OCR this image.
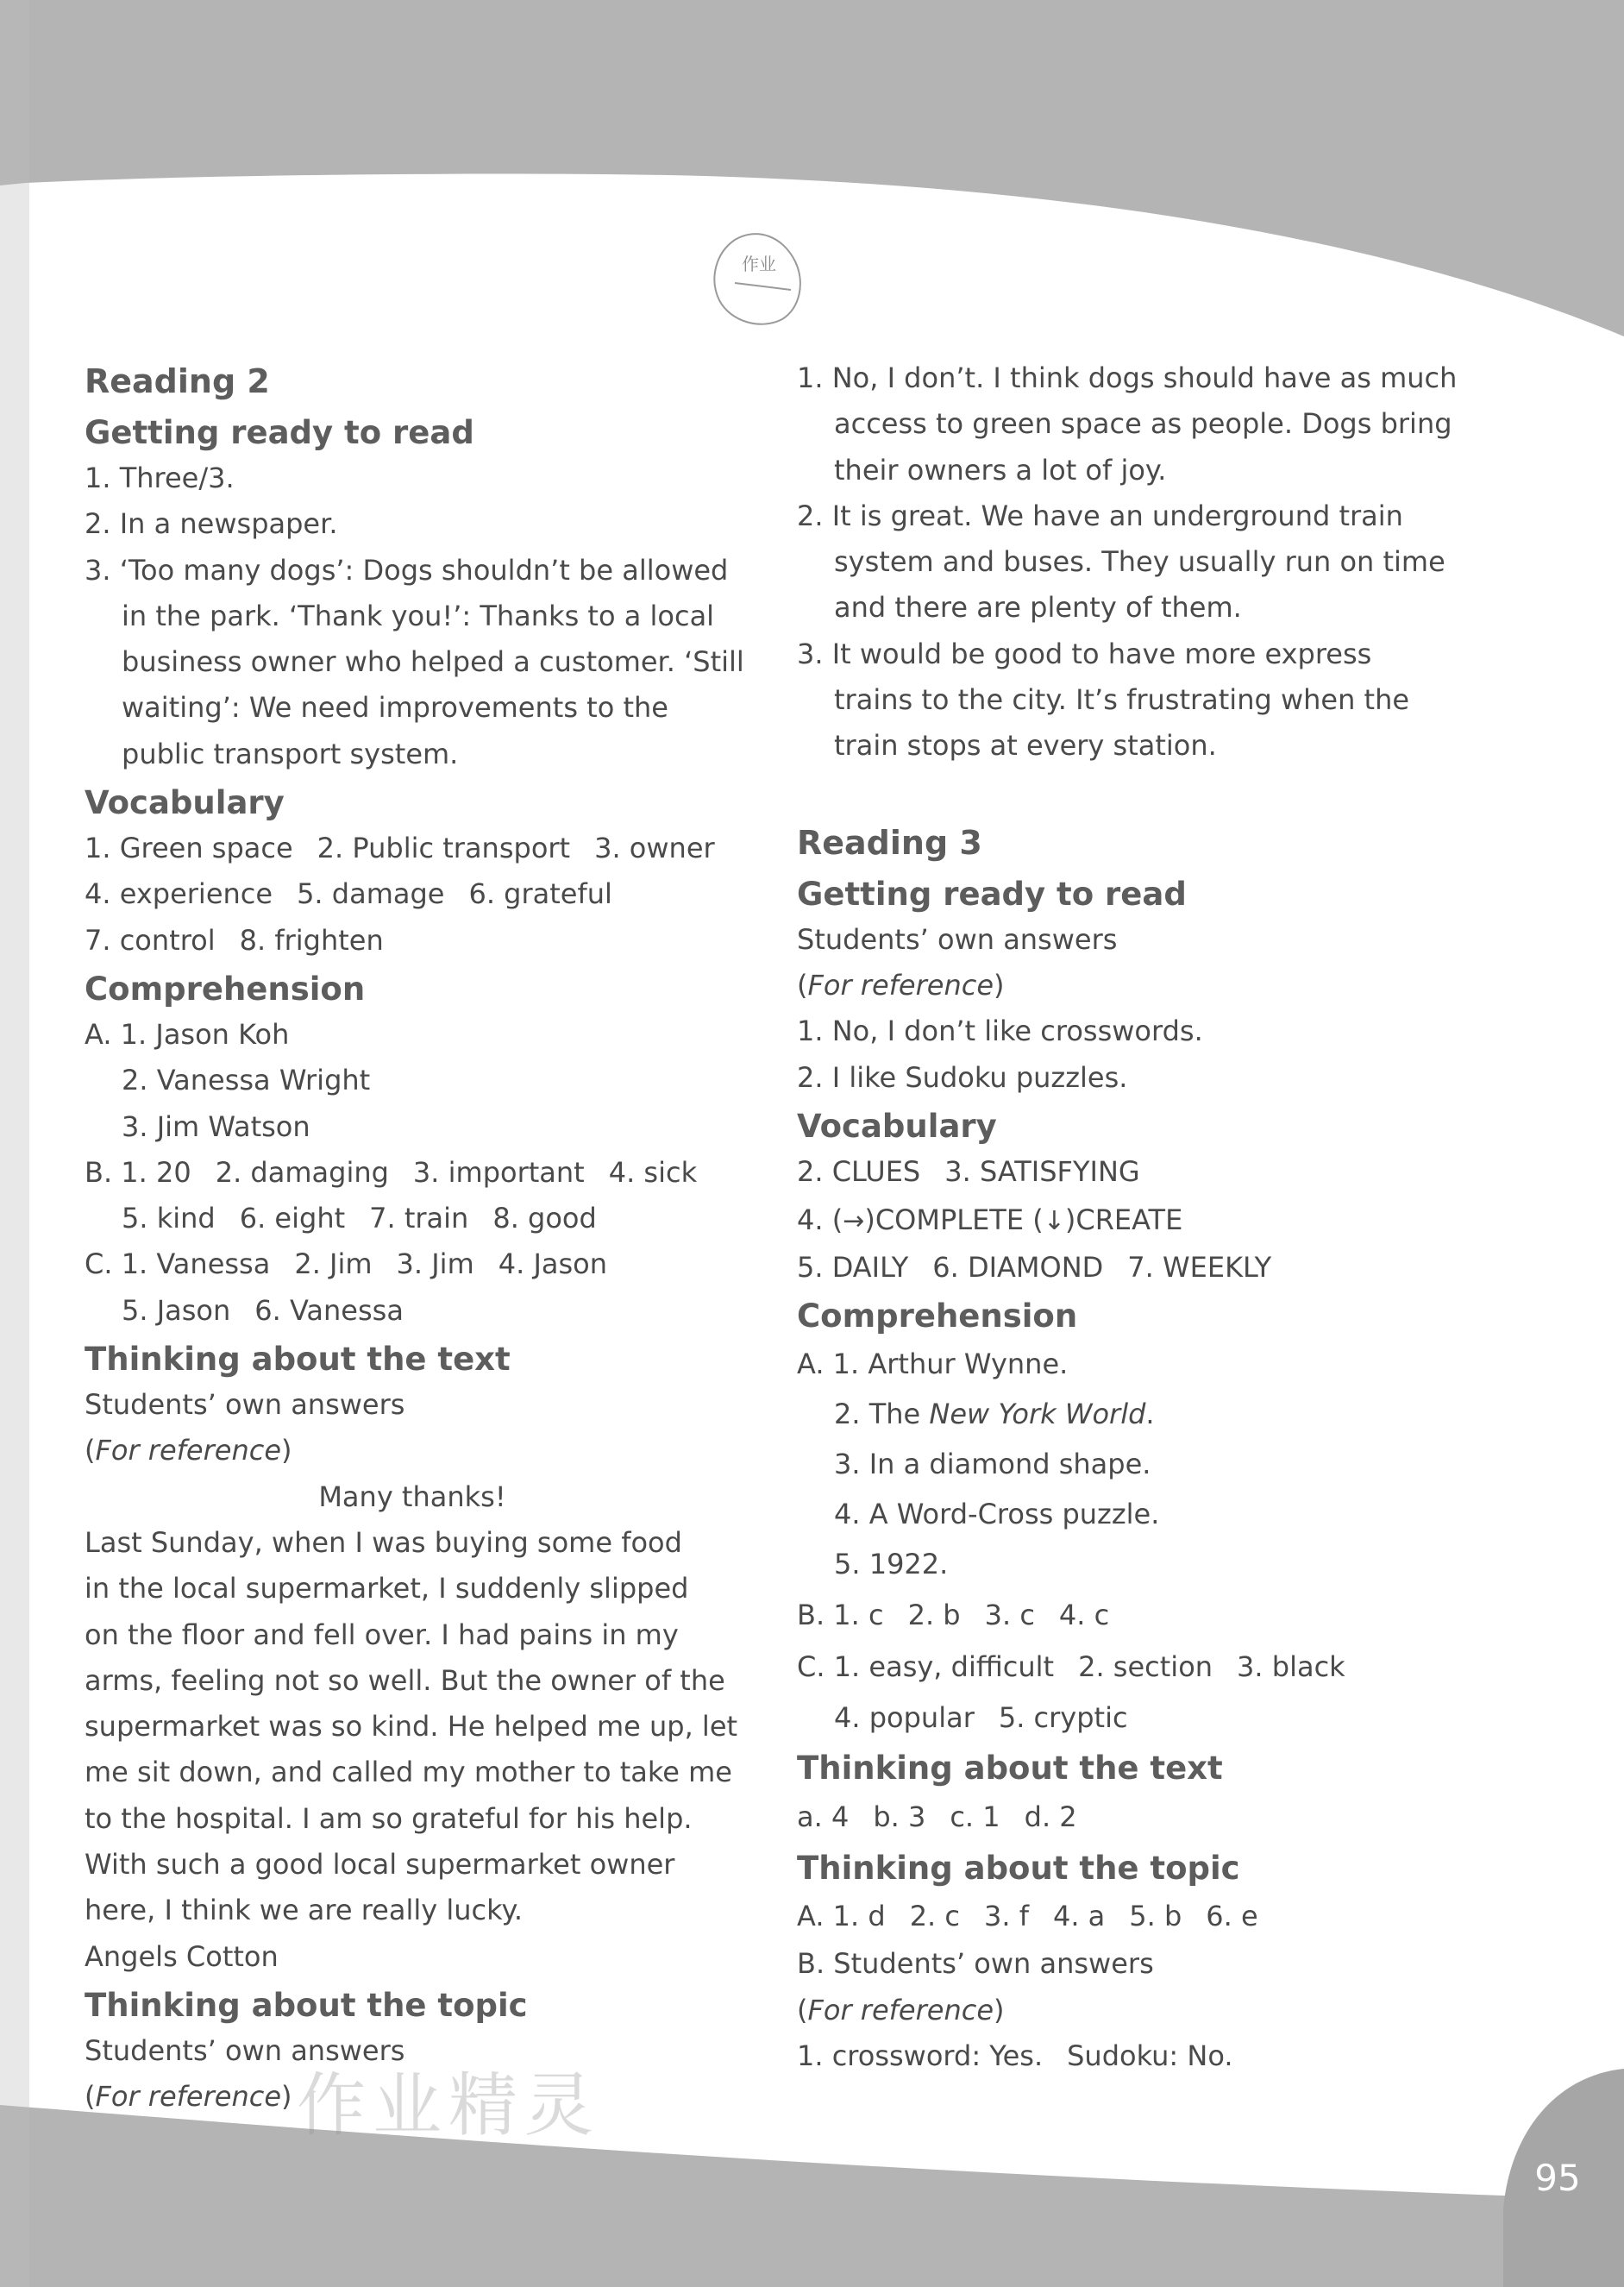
作业
Reading 2
Getting ready to read
1. Three/3.
2. In a newspaper.
3. ‘Too many dogs’: Dogs shouldn’t be allowed
in the park. ‘Thank you!’: Thanks to a local
business owner who helped a customer. ‘Still
waiting’: We need improvements to the
public transport system.
Vocabulary
1. Green space 2. Public transport 3. owner
4. experience 5. damage 6. grateful
7. control 8. frighten
Comprehension
A. 1. Jason Koh
2. Vanessa Wright
3. Jim Watson
B. 1. 20 2. damaging 3. important 4. sick
5. kind 6. eight 7. train 8. good
C. 1. Vanessa 2. Jim 3. Jim 4. Jason
5. Jason 6. Vanessa
Thinking about the text
Students’ own answers
(For reference)
Many thanks!
Last Sunday, when I was buying some food
in the local supermarket, I suddenly slipped
on the floor and fell over. I had pains in my
arms, feeling not so well. But the owner of the
supermarket was so kind. He helped me up, let
me sit down, and called my mother to take me
to the hospital. I am so grateful for his help.
With such a good local supermarket owner
here, I think we are really lucky.
Angels Cotton
Thinking about the topic
Students’ own answers
(For reference)
1. No, I don’t. I think dogs should have as much
access to green space as people. Dogs bring
their owners a lot of joy.
2. It is great. We have an underground train
system and buses. They usually run on time
and there are plenty of them.
3. It would be good to have more express
trains to the city. It’s frustrating when the
train stops at every station.
Reading 3
Getting ready to read
Students’ own answers
(For reference)
1. No, I don’t like crosswords.
2. I like Sudoku puzzles.
Vocabulary
2. CLUES 3. SATISFYING
4. (→)COMPLETE (↓)CREATE
5. DAILY 6. DIAMOND 7. WEEKLY
Comprehension
A. 1. Arthur Wynne.
2. The New York World.
3. In a diamond shape.
4. A Word-Cross puzzle.
5. 1922.
B. 1. c 2. b 3. c 4. c
C. 1. easy, difficult 2. section 3. black
4. popular 5. cryptic
Thinking about the text
a. 4 b. 3 c. 1 d. 2
Thinking about the topic
A. 1. d 2. c 3. f 4. a 5. b 6. e
B. Students’ own answers
(For reference)
1. crossword: Yes. Sudoku: No.
作业精灵
95
